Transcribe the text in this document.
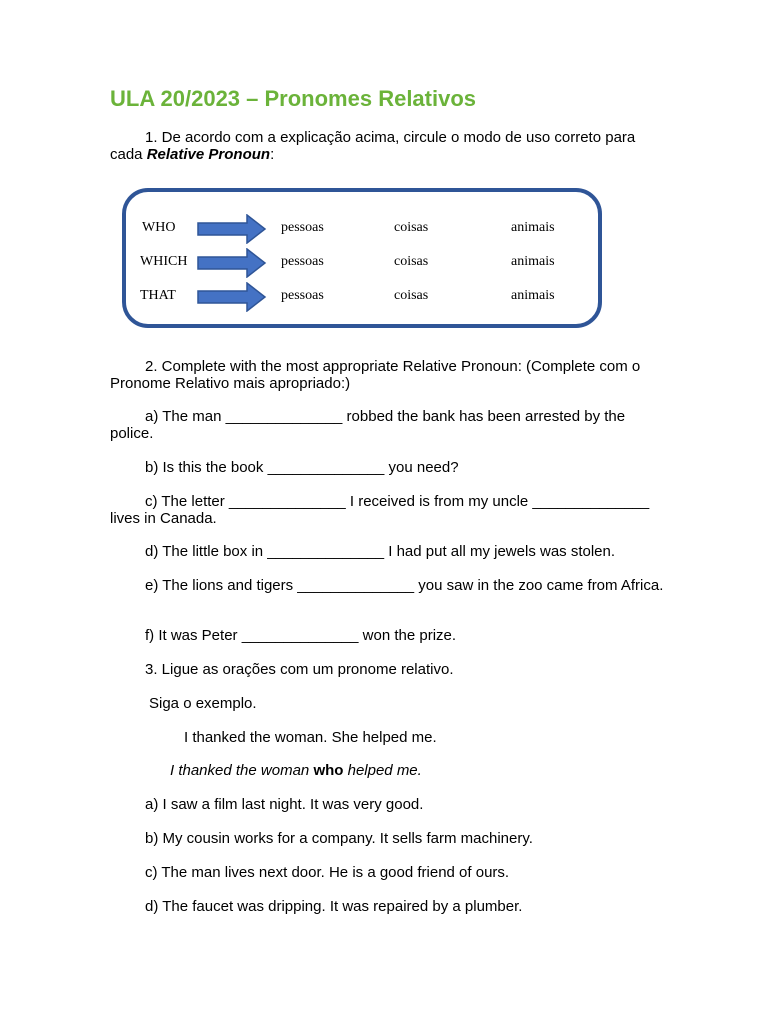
ULA 20/2023 – Pronomes Relativos
1. De acordo com a explicação acima, circule o modo de uso correto para cada Relative Pronoun:
WHO	pessoas	coisas	animais
WHICH	pessoas	coisas	animais
THAT	pessoas	coisas	animais
2. Complete with the most appropriate Relative Pronoun: (Complete com o Pronome Relativo mais apropriado:)
a) The man ______________ robbed the bank has been arrested by the police.
b) Is this the book ______________ you need?
c) The letter ______________ I received is from my uncle ______________ lives in Canada.
d) The little box in ______________ I had put all my jewels was stolen.
e) The lions and tigers ______________ you saw in the zoo came from Africa.
f) It was Peter ______________ won the prize.
3. Ligue as orações com um pronome relativo.
Siga o exemplo.
I thanked the woman. She helped me.
I thanked the woman who helped me.
a) I saw a film last night. It was very good.
b) My cousin works for a company. It sells farm machinery.
c) The man lives next door. He is a good friend of ours.
d) The faucet was dripping. It was repaired by a plumber.
